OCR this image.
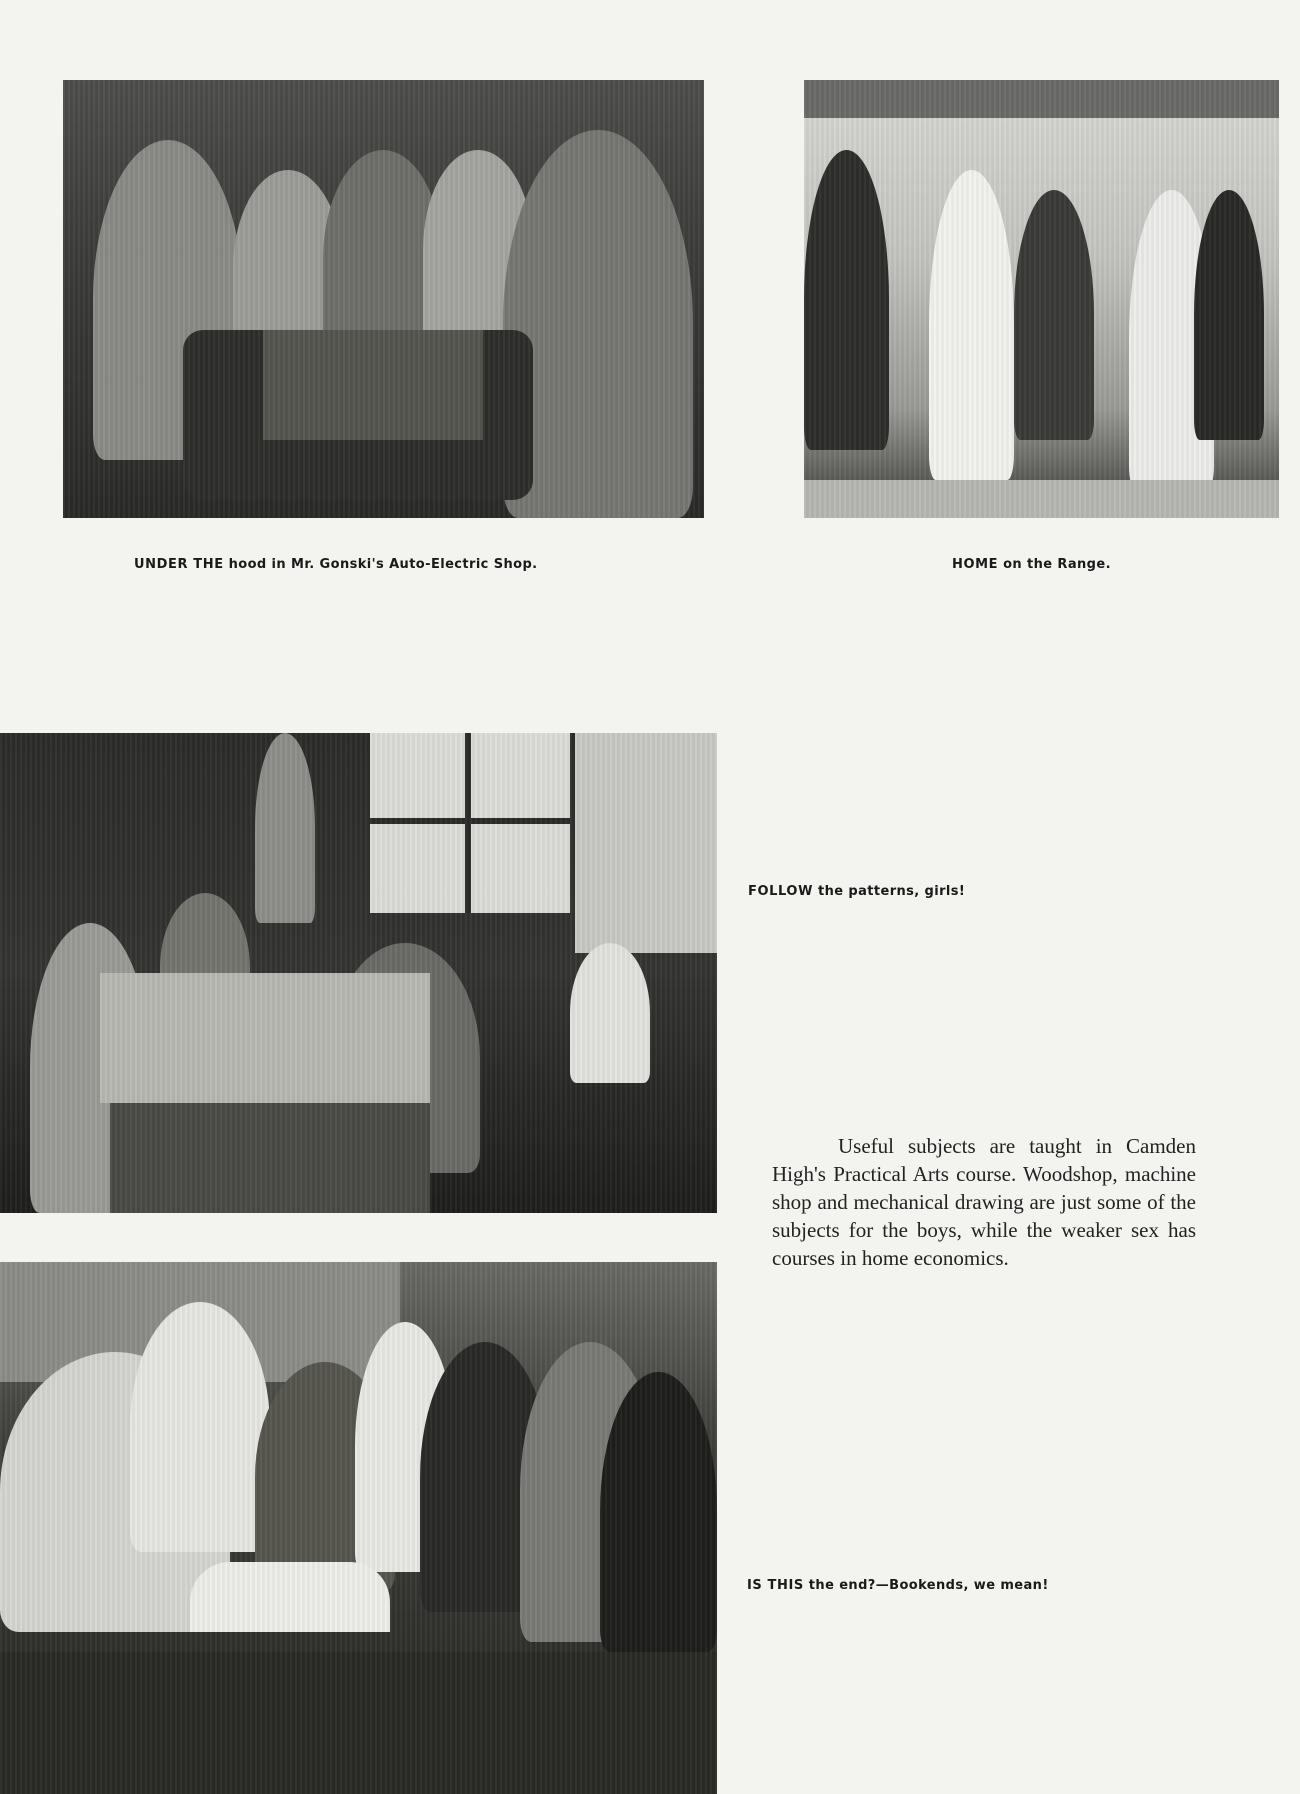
UNDER THE hood in Mr. Gonski's Auto-Electric Shop.	HOME on the Range.
FOLLOW the patterns, girls!

Useful subjects are taught in Camden High's Practical Arts course. Woodshop, machine shop and mechanical drawing are just some of the subjects for the boys, while the weaker sex has courses in home economics.

IS THIS the end?—Bookends, we mean!
